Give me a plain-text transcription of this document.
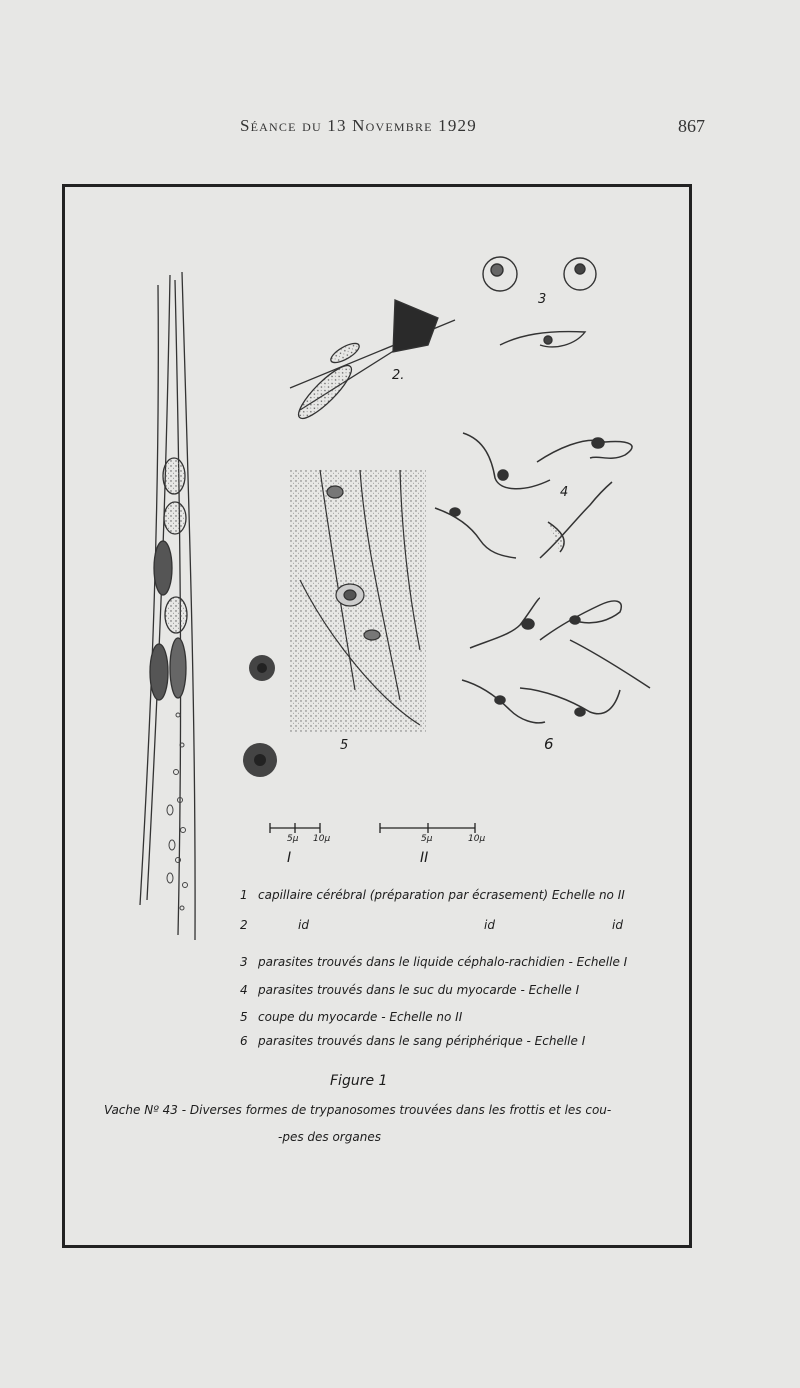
Séance du 13 Novembre 1929	867
2.
3
4
5	6
5μ 10μ
I
5μ	10μ
II
1 capillaire cérébral (préparation par écrasement) Echelle no II
2	id	id	id
3 parasites trouvés dans le liquide céphalo-rachidien - Echelle I
4 parasites trouvés dans le suc du myocarde - Echelle I
5 coupe du myocarde - Echelle no II
6 parasites trouvés dans le sang périphérique - Echelle I
Figure 1
Vache Nº 43 - Diverses formes de trypanosomes trouvées dans les frottis et les cou-
-pes des organes
